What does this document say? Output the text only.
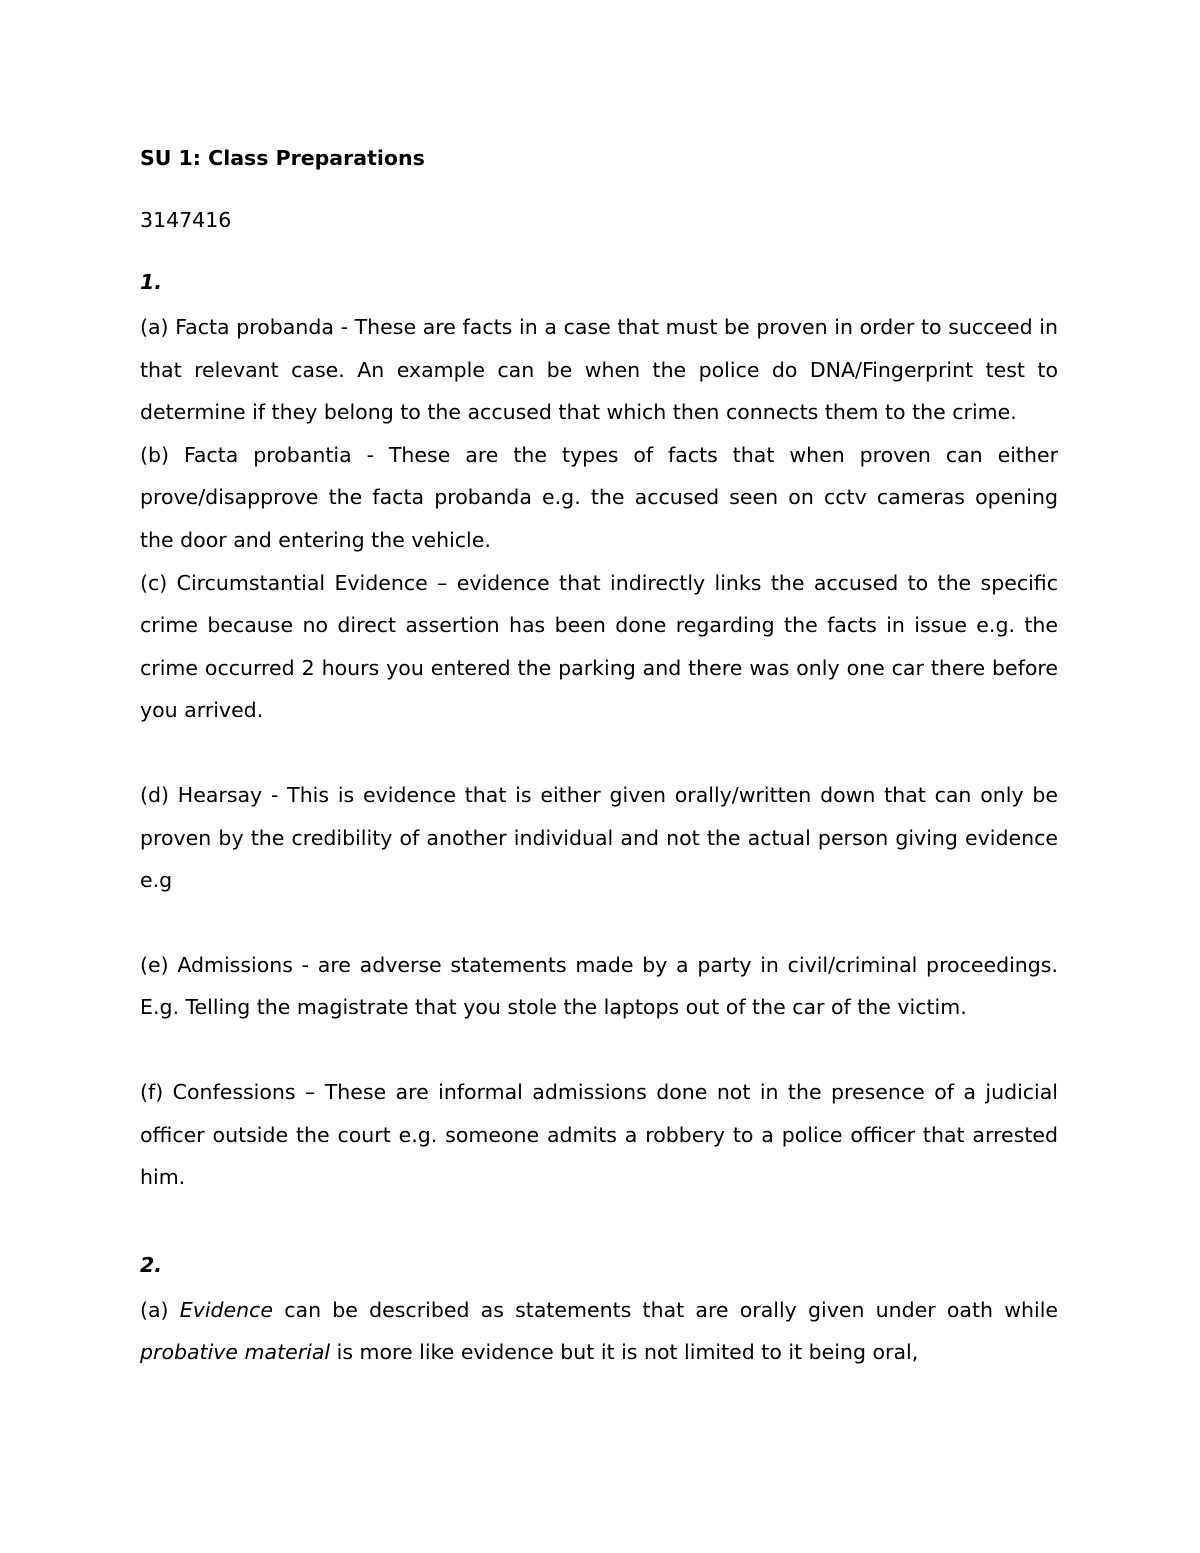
SU 1: Class Preparations

3147416

1.

(a) Facta probanda - These are facts in a case that must be proven in order to succeed in that relevant case. An example can be when the police do DNA/Fingerprint test to determine if they belong to the accused that which then connects them to the crime.

(b) Facta probantia - These are the types of facts that when proven can either prove/disapprove the facta probanda e.g. the accused seen on cctv cameras opening the door and entering the vehicle.

(c) Circumstantial Evidence – evidence that indirectly links the accused to the specific crime because no direct assertion has been done regarding the facts in issue e.g. the crime occurred 2 hours you entered the parking and there was only one car there before you arrived.

(d) Hearsay - This is evidence that is either given orally/written down that can only be proven by the credibility of another individual and not the actual person giving evidence e.g

(e) Admissions - are adverse statements made by a party in civil/criminal proceedings. E.g. Telling the magistrate that you stole the laptops out of the car of the victim.

(f) Confessions – These are informal admissions done not in the presence of a judicial officer outside the court e.g. someone admits a robbery to a police officer that arrested him.

2.

(a) Evidence can be described as statements that are orally given under oath while probative material is more like evidence but it is not limited to it being oral,
